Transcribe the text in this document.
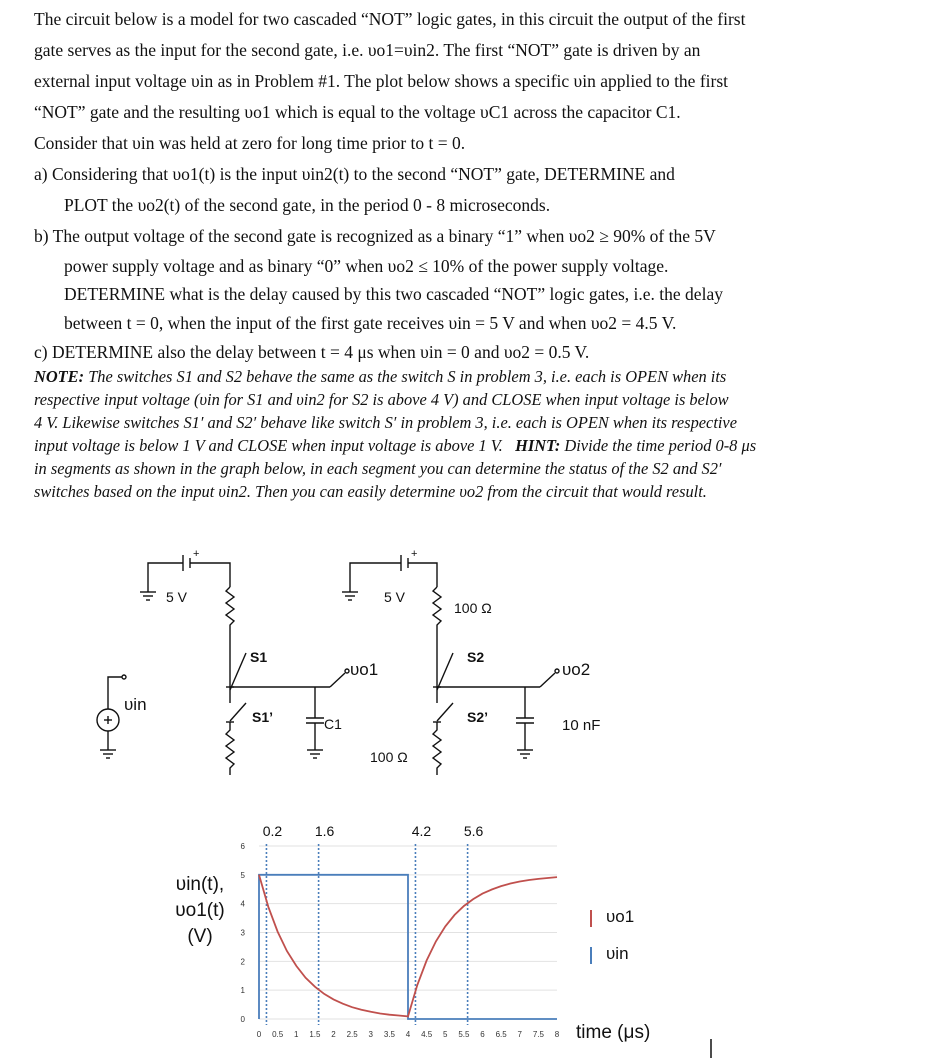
The circuit below is a model for two cascaded “NOT” logic gates, in this circuit the output of the first
gate serves as the input for the second gate, i.e. υo1=υin2. The first “NOT” gate is driven by an
external input voltage υin as in Problem #1. The plot below shows a specific υin applied to the first
“NOT” gate and the resulting υo1 which is equal to the voltage υC1 across the capacitor C1.
Consider that υin was held at zero for long time prior to t = 0.
a) Considering that υo1(t) is the input υin2(t) to the second “NOT” gate, DETERMINE and
PLOT the υo2(t) of the second gate, in the period 0 - 8 microseconds.
b) The output voltage of the second gate is recognized as a binary “1” when υo2 ≥ 90% of the 5V
power supply voltage and as binary “0” when υo2 ≤ 10% of the power supply voltage.
DETERMINE what is the delay caused by this two cascaded “NOT” logic gates, i.e. the delay
between t = 0, when the input of the first gate receives υin = 5 V and when υo2 = 4.5 V.
c) DETERMINE also the delay between t = 4 μs when υin = 0 and υo2 = 0.5 V.
NOTE: The switches S1 and S2 behave the same as the switch S in problem 3, i.e. each is OPEN when its
respective input voltage (υin for S1 and υin2 for S2 is above 4 V) and CLOSE when input voltage is below
4 V. Likewise switches S1′ and S2′ behave like switch S′ in problem 3, i.e. each is OPEN when its respective
input voltage is below 1 V and CLOSE when input voltage is above 1 V. HINT: Divide the time period 0-8 μs
in segments as shown in the graph below, in each segment you can determine the status of the S2 and S2′
switches based on the input υin2. Then you can easily determine υo2 from the circuit that would result.
+
5 V
S1
S1’
υo1
C1
υin
+
5 V
100 Ω
S2
S2’
100 Ω
υo2
10 nF
υin(t),
υo1(t)
(V)
0.2 1.6	4.2 5.6
0
1
2
3
4
5
6
0 0.5 1 1.5 2 2.5 3 3.5 4 4.5 5 5.5 6 6.5 7 7.5 8
υo1
υin
time (μs)
